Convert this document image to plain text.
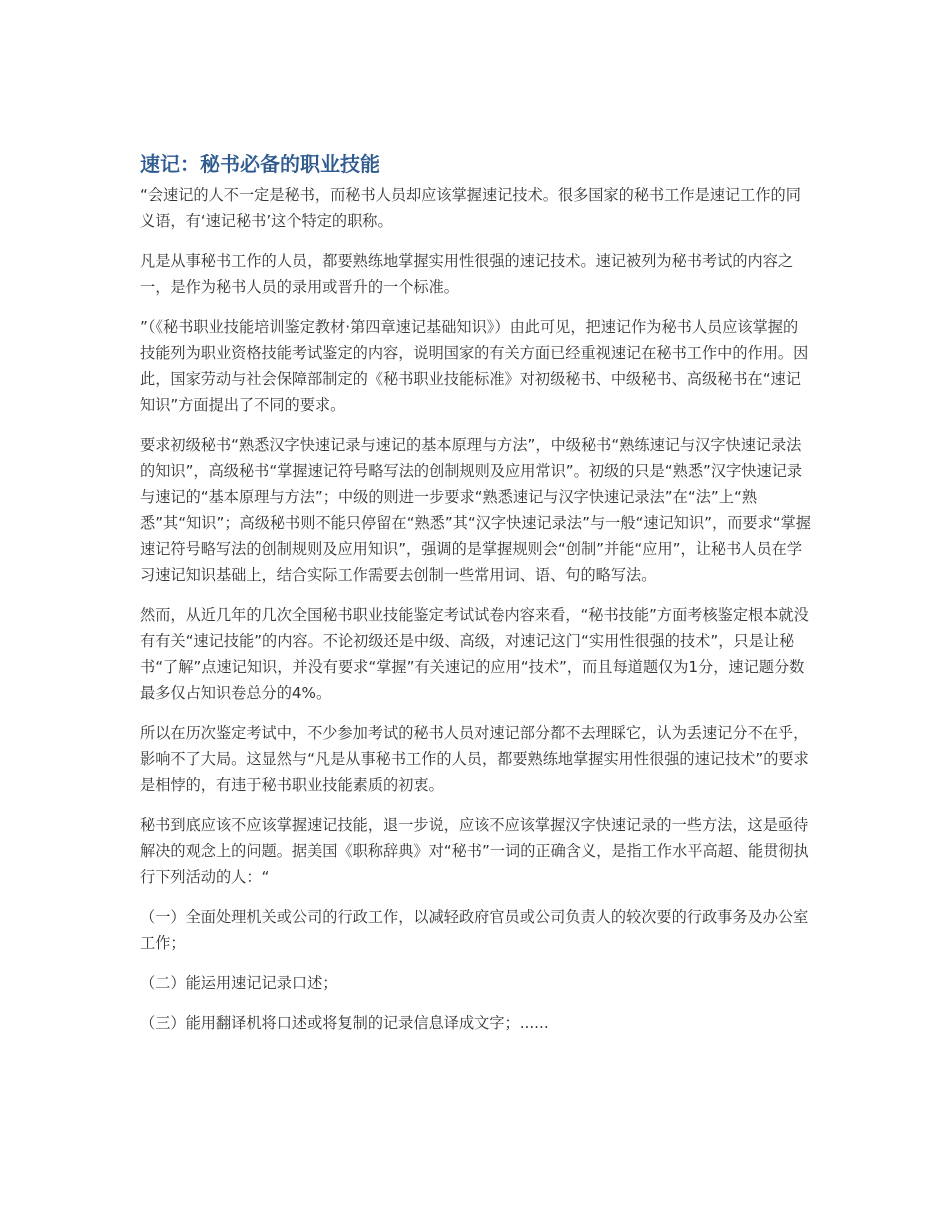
速记：秘书必备的职业技能

“会速记的人不一定是秘书，而秘书人员却应该掌握速记技术。很多国家的秘书工作是速记工作的同义语，有‘速记秘书’这个特定的职称。

凡是从事秘书工作的人员，都要熟练地掌握实用性很强的速记技术。速记被列为秘书考试的内容之一，是作为秘书人员的录用或晋升的一个标准。

”（《秘书职业技能培训鉴定教材·第四章速记基础知识》）由此可见，把速记作为秘书人员应该掌握的技能列为职业资格技能考试鉴定的内容，说明国家的有关方面已经重视速记在秘书工作中的作用。因此，国家劳动与社会保障部制定的《秘书职业技能标准》对初级秘书、中级秘书、高级秘书在“速记知识”方面提出了不同的要求。

要求初级秘书“熟悉汉字快速记录与速记的基本原理与方法”，中级秘书“熟练速记与汉字快速记录法的知识”，高级秘书“掌握速记符号略写法的创制规则及应用常识”。初级的只是“熟悉”汉字快速记录与速记的“基本原理与方法”；中级的则进一步要求“熟悉速记与汉字快速记录法”在“法”上“熟悉”其“知识”；高级秘书则不能只停留在“熟悉”其“汉字快速记录法”与一般“速记知识”，而要求“掌握速记符号略写法的创制规则及应用知识”，强调的是掌握规则会“创制”并能“应用”，让秘书人员在学习速记知识基础上，结合实际工作需要去创制一些常用词、语、句的略写法。

然而，从近几年的几次全国秘书职业技能鉴定考试试卷内容来看，“秘书技能”方面考核鉴定根本就没有有关“速记技能”的内容。不论初级还是中级、高级，对速记这门“实用性很强的技术”，只是让秘书“了解”点速记知识，并没有要求“掌握”有关速记的应用“技术”，而且每道题仅为1分，速记题分数最多仅占知识卷总分的4%。

所以在历次鉴定考试中，不少参加考试的秘书人员对速记部分都不去理睬它，认为丢速记分不在乎，影响不了大局。这显然与“凡是从事秘书工作的人员，都要熟练地掌握实用性很强的速记技术”的要求是相悖的，有违于秘书职业技能素质的初衷。

秘书到底应该不应该掌握速记技能，退一步说，应该不应该掌握汉字快速记录的一些方法，这是亟待解决的观念上的问题。据美国《职称辞典》对“秘书”一词的正确含义，是指工作水平高超、能贯彻执行下列活动的人：“

（一）全面处理机关或公司的行政工作，以减轻政府官员或公司负责人的较次要的行政事务及办公室工作；

（二）能运用速记记录口述；

（三）能用翻译机将口述或将复制的记录信息译成文字；......
